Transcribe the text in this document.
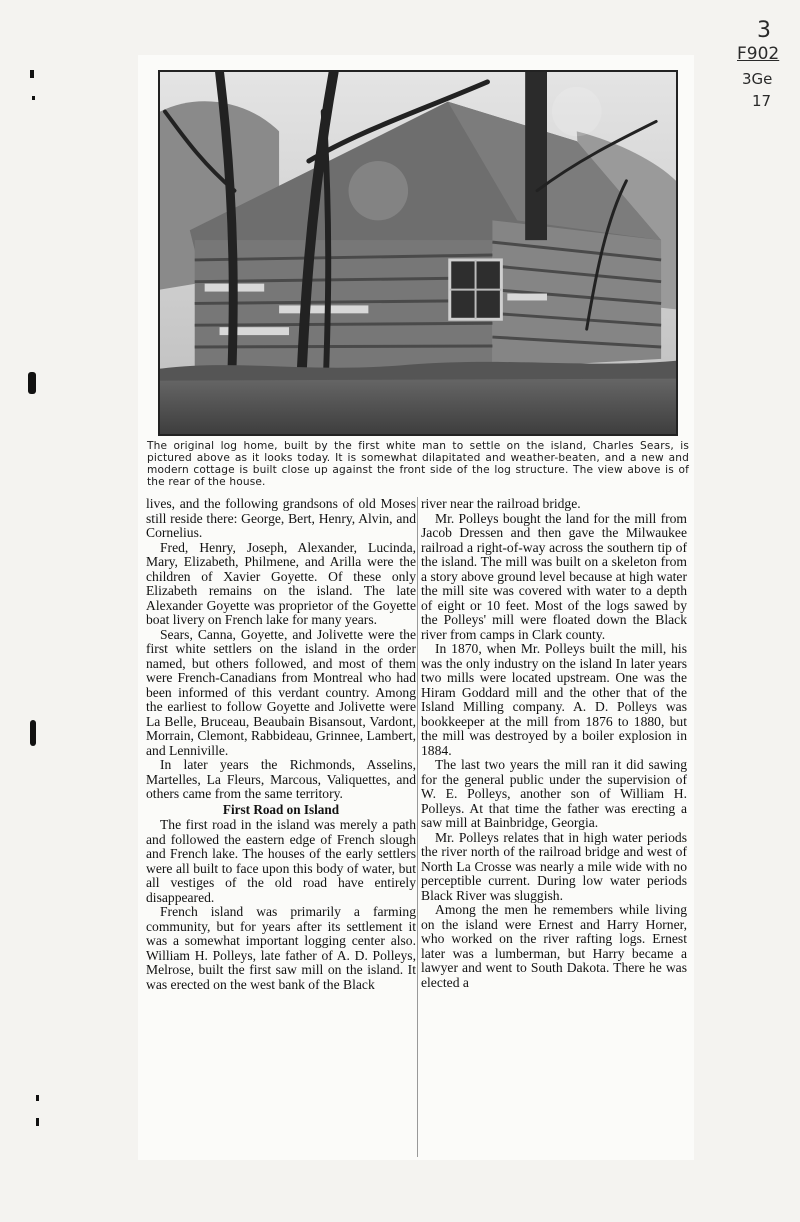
3
F902
3Ge
17
The original log home, built by the first white man to settle on the island, Charles Sears, is pictured above as it looks today. It is somewhat dilapitated and weather-beaten, and a new and modern cottage is built close up against the front side of the log structure. The view above is of the rear of the house.

lives, and the following grandsons of old Moses still reside there: George, Bert, Henry, Alvin, and Cornelius.

Fred, Henry, Joseph, Alexander, Lucinda, Mary, Elizabeth, Philmene, and Arilla were the children of Xavier Goyette. Of these only Elizabeth remains on the island. The late Alexander Goyette was proprietor of the Goyette boat livery on French lake for many years.

Sears, Canna, Goyette, and Jolivette were the first white settlers on the island in the order named, but others followed, and most of them were French-Canadians from Montreal who had been informed of this verdant country. Among the earliest to follow Goyette and Jolivette were La Belle, Bruceau, Beaubain Bisansout, Vardont, Morrain, Clemont, Rabbideau, Grinnee, Lambert, and Lenniville.

In later years the Richmonds, Asselins, Martelles, La Fleurs, Marcous, Valiquettes, and others came from the same territory.

First Road on Island

The first road in the island was merely a path and followed the eastern edge of French slough and French lake. The houses of the early settlers were all built to face upon this body of water, but all vestiges of the old road have entirely disappeared.

French island was primarily a farming community, but for years after its settlement it was a somewhat important logging center also. William H. Polleys, late father of A. D. Polleys, Melrose, built the first saw mill on the island. It was erected on the west bank of the Black

river near the railroad bridge.

Mr. Polleys bought the land for the mill from Jacob Dressen and then gave the Milwaukee railroad a right-of-way across the southern tip of the island. The mill was built on a skeleton from a story above ground level because at high water the mill site was covered with water to a depth of eight or 10 feet. Most of the logs sawed by the Polleys' mill were floated down the Black river from camps in Clark county.

In 1870, when Mr. Polleys built the mill, his was the only industry on the island In later years two mills were located upstream. One was the Hiram Goddard mill and the other that of the Island Milling company. A. D. Polleys was bookkeeper at the mill from 1876 to 1880, but the mill was destroyed by a boiler explosion in 1884.

The last two years the mill ran it did sawing for the general public under the supervision of W. E. Polleys, another son of William H. Polleys. At that time the father was erecting a saw mill at Bainbridge, Georgia.

Mr. Polleys relates that in high water periods the river north of the railroad bridge and west of North La Crosse was nearly a mile wide with no perceptible current. During low water periods Black River was sluggish.

Among the men he remembers while living on the island were Ernest and Harry Horner, who worked on the river rafting logs. Ernest later was a lumberman, but Harry became a lawyer and went to South Dakota. There he was elected a
